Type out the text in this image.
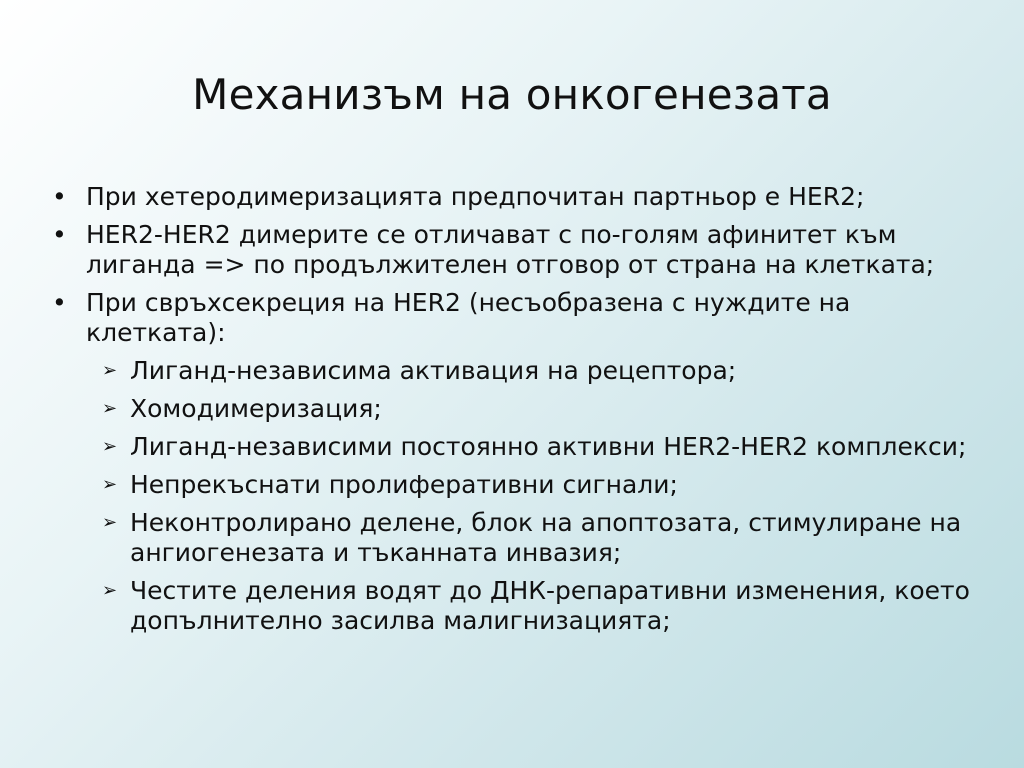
Механизъм на онкогенезата
• При хетеродимеризацията предпочитан партньор е HER2;
• HER2-HER2 димерите се отличават с по-голям афинитет към лиганда => по продължителен отговор от страна на клетката;
• При свръхсекреция на HER2 (несъобразена с нуждите на клетката):
➢ Лиганд-независима активация на рецептора;
➢ Хомодимеризация;
➢ Лиганд-независими постоянно активни HER2-HER2 комплекси;
➢ Непрекъснати пролиферативни сигнали;
➢ Неконтролирано делене, блок на апоптозата, стимулиране на ангиогенезата и тъканната инвазия;
➢ Честите деления водят до ДНК-репаративни изменения, което допълнително засилва малигнизацията;
